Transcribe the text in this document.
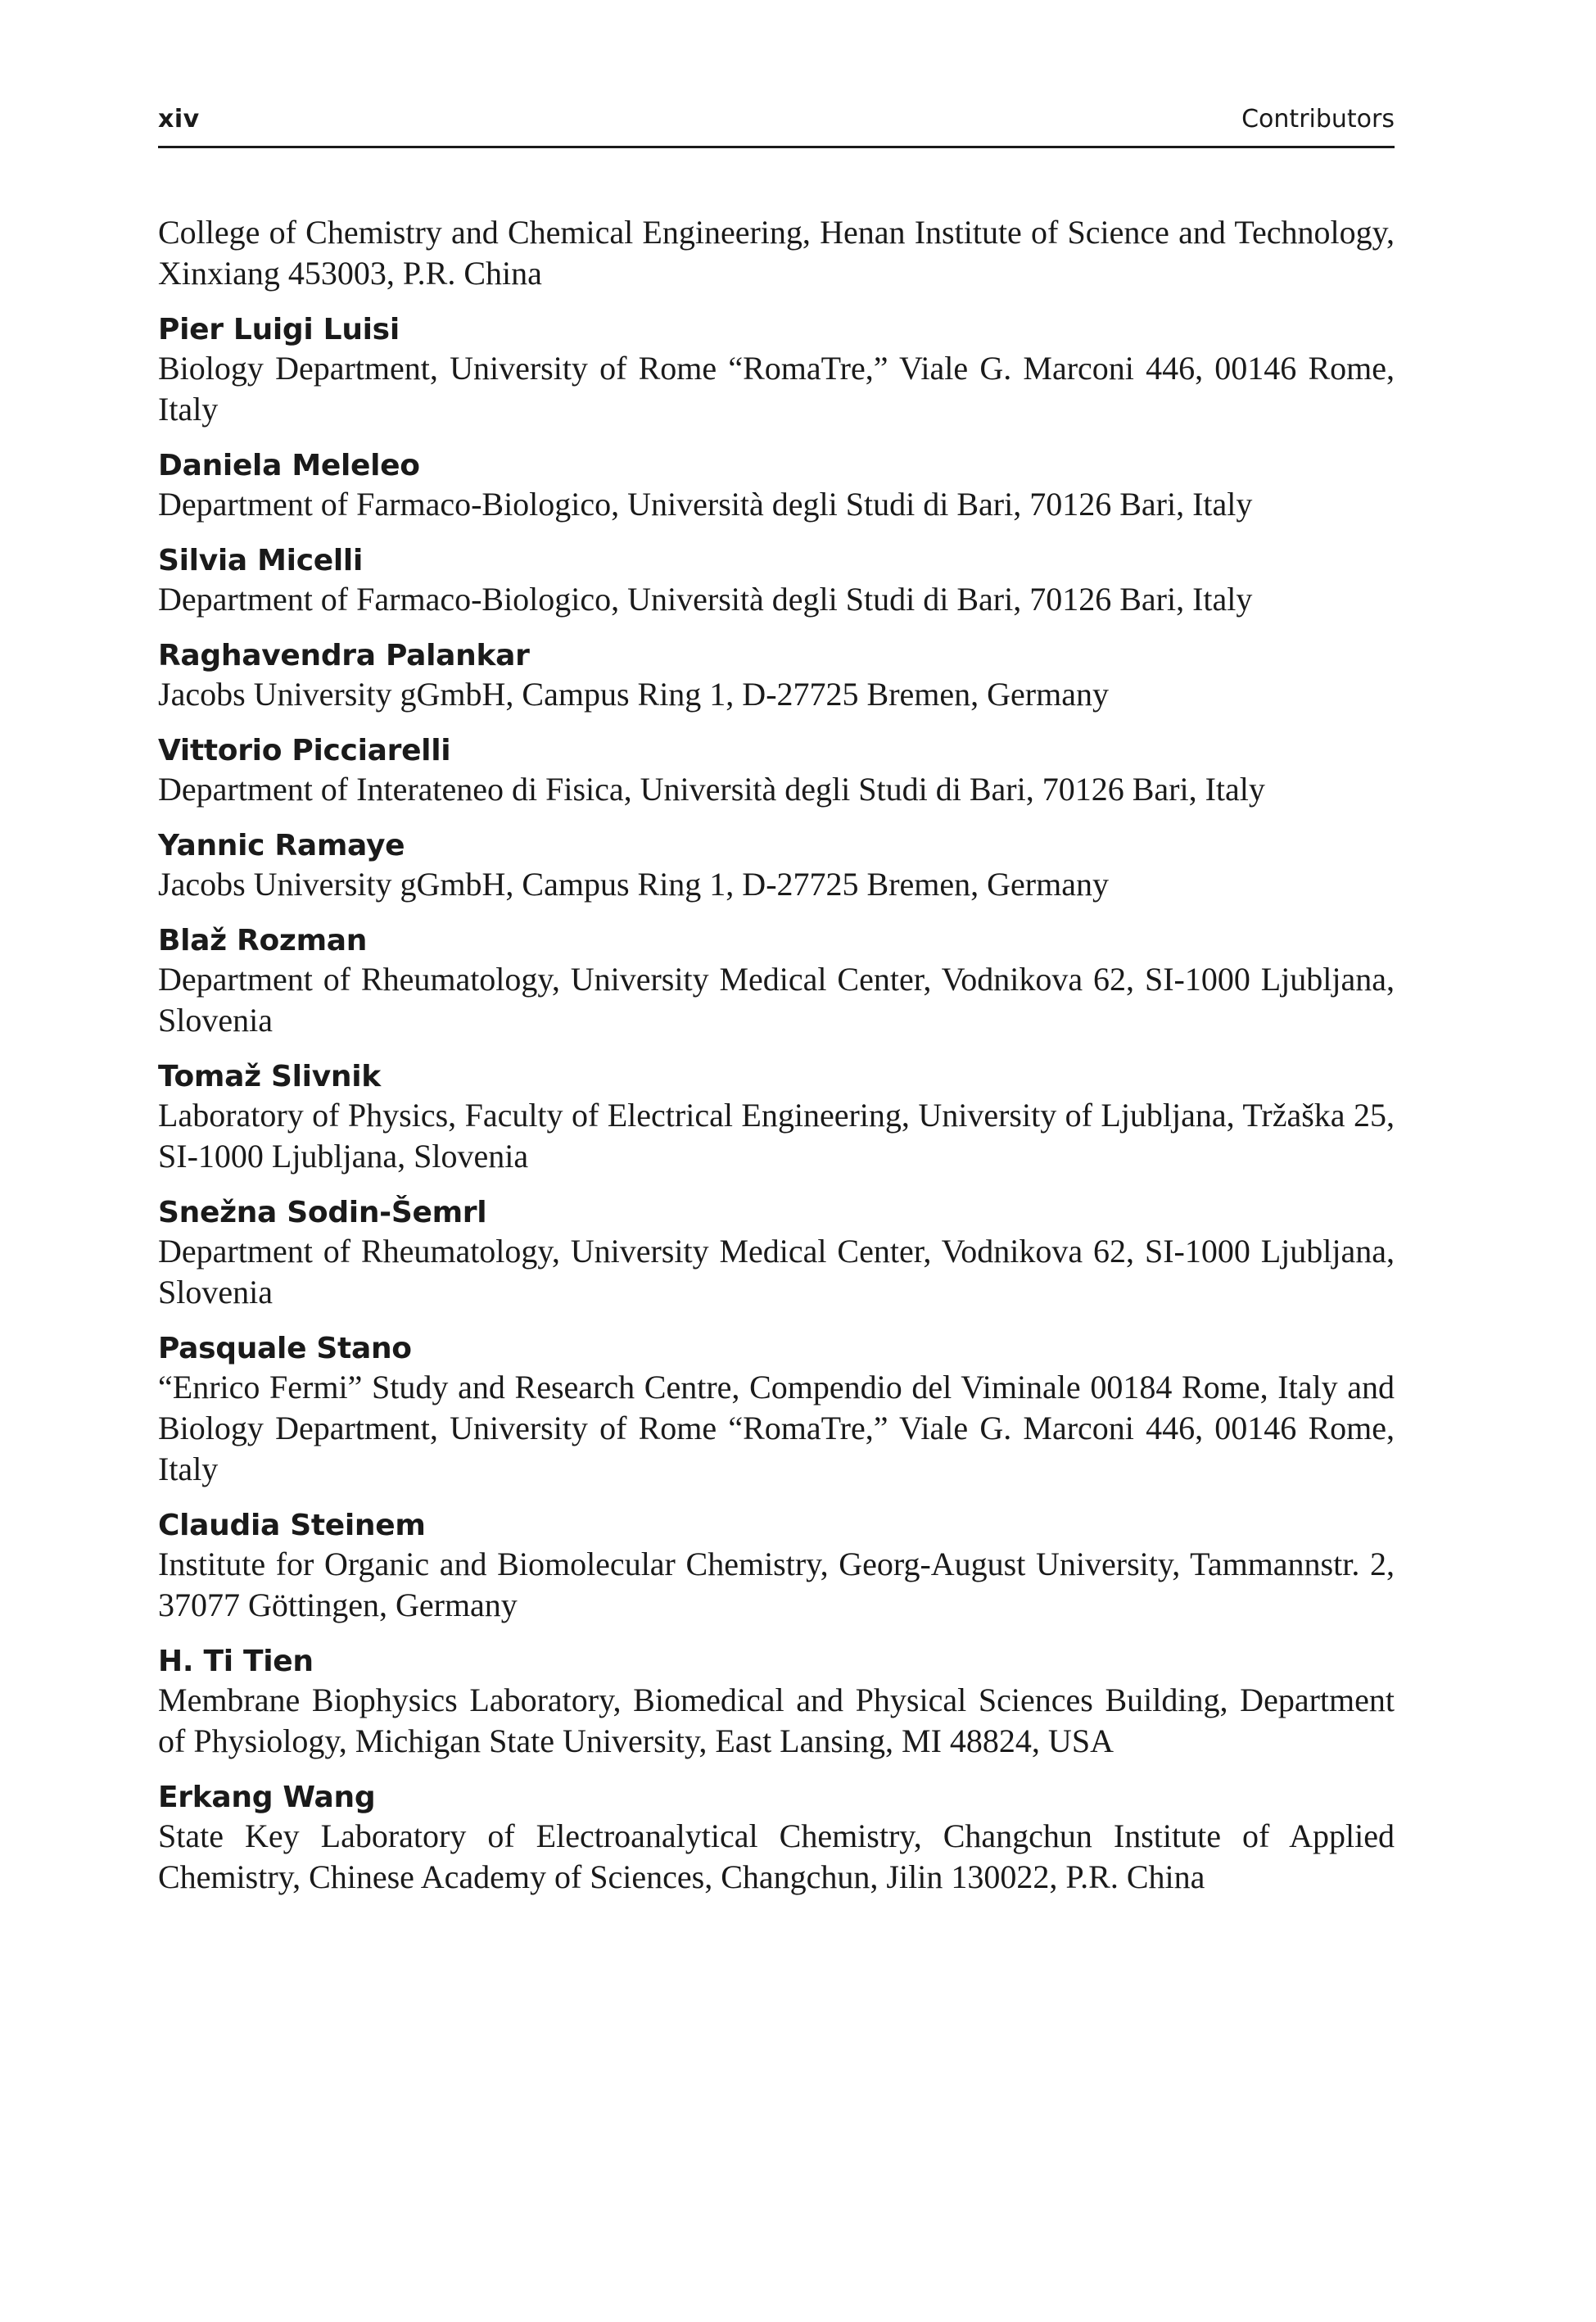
xiv	Contributors
College of Chemistry and Chemical Engineering, Henan Institute of Science and Technology, Xinxiang 453003, P.R. China
Pier Luigi Luisi
Biology Department, University of Rome “RomaTre,” Viale G. Marconi 446, 00146 Rome, Italy
Daniela Meleleo
Department of Farmaco-Biologico, Università degli Studi di Bari, 70126 Bari, Italy
Silvia Micelli
Department of Farmaco-Biologico, Università degli Studi di Bari, 70126 Bari, Italy
Raghavendra Palankar
Jacobs University gGmbH, Campus Ring 1, D-27725 Bremen, Germany
Vittorio Picciarelli
Department of Interateneo di Fisica, Università degli Studi di Bari, 70126 Bari, Italy
Yannic Ramaye
Jacobs University gGmbH, Campus Ring 1, D-27725 Bremen, Germany
Blaž Rozman
Department of Rheumatology, University Medical Center, Vodnikova 62, SI-1000 Ljubljana, Slovenia
Tomaž Slivnik
Laboratory of Physics, Faculty of Electrical Engineering, University of Ljubljana, Tržaška 25, SI-1000 Ljubljana, Slovenia
Snežna Sodin-Šemrl
Department of Rheumatology, University Medical Center, Vodnikova 62, SI-1000 Ljubljana, Slovenia
Pasquale Stano
“Enrico Fermi” Study and Research Centre, Compendio del Viminale 00184 Rome, Italy and Biology Department, University of Rome “RomaTre,” Viale G. Marconi 446, 00146 Rome, Italy
Claudia Steinem
Institute for Organic and Biomolecular Chemistry, Georg-August University, Tammannstr. 2, 37077 Göttingen, Germany
H. Ti Tien
Membrane Biophysics Laboratory, Biomedical and Physical Sciences Building, Department of Physiology, Michigan State University, East Lansing, MI 48824, USA
Erkang Wang
State Key Laboratory of Electroanalytical Chemistry, Changchun Institute of Applied Chemistry, Chinese Academy of Sciences, Changchun, Jilin 130022, P.R. China
